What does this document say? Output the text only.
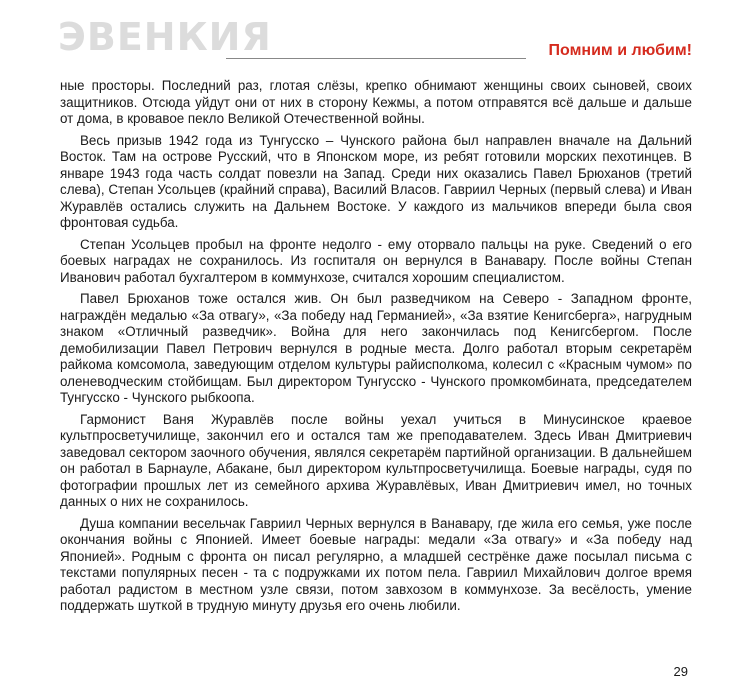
ЭВЕНКИЯ	Помним и любим!

ные просторы. Последний раз, глотая слёзы, крепко обнимают женщины своих сыновей, своих защитников. Отсюда уйдут они от них в сторону Кежмы, а потом отправятся всё дальше и дальше от дома, в кровавое пекло Великой Отечественной войны.

Весь призыв 1942 года из Тунгусско – Чунского района был направлен вначале на Дальний Восток. Там на острове Русский, что в Японском море, из ребят готовили морских пехотинцев. В январе 1943 года часть солдат повезли на Запад. Среди них оказались Павел Брюханов (третий слева), Степан Усольцев (крайний справа), Василий Власов. Гавриил Черных (первый слева) и Иван Журавлёв остались служить на Дальнем Востоке. У каждого из мальчиков впереди была своя фронтовая судьба.

Степан Усольцев пробыл на фронте недолго - ему оторвало пальцы на руке. Сведений о его боевых наградах не сохранилось. Из госпиталя он вернулся в Ванавару. После войны Степан Иванович работал бухгалтером в коммунхозе, считался хорошим специалистом.

Павел Брюханов тоже остался жив. Он был разведчиком на Северо - Западном фронте, награждён медалью «За отвагу», «За победу над Германией», «За взятие Кенигсберга», нагрудным знаком «Отличный разведчик». Война для него закончилась под Кенигсбергом. После демобилизации Павел Петрович вернулся в родные места. Долго работал вторым секретарём райкома комсомола, заведующим отделом культуры райисполкома, колесил с «Красным чумом» по оленеводческим стойбищам. Был директором Тунгусско - Чунского промкомбината, председателем Тунгусско - Чунского рыбкоопа.

Гармонист Ваня Журавлёв после войны уехал учиться в Минусинское краевое культпросветучилище, закончил его и остался там же преподавателем. Здесь Иван Дмитриевич заведовал сектором заочного обучения, являлся секретарём партийной организации. В дальнейшем он работал в Барнауле, Абакане, был директором культпросветучилища. Боевые награды, судя по фотографии прошлых лет из семейного архива Журавлёвых, Иван Дмитриевич имел, но точных данных о них не сохранилось.

Душа компании весельчак Гавриил Черных вернулся в Ванавару, где жила его семья, уже после окончания войны с Японией. Имеет боевые награды: медали «За отвагу» и «За победу над Японией». Родным с фронта он писал регулярно, а младшей сестрёнке даже посылал письма с текстами популярных песен - та с подружками их потом пела. Гавриил Михайлович долгое время работал радистом в местном узле связи, потом завхозом в коммунхозе. За весёлость, умение поддержать шуткой в трудную минуту друзья его очень любили.

29
